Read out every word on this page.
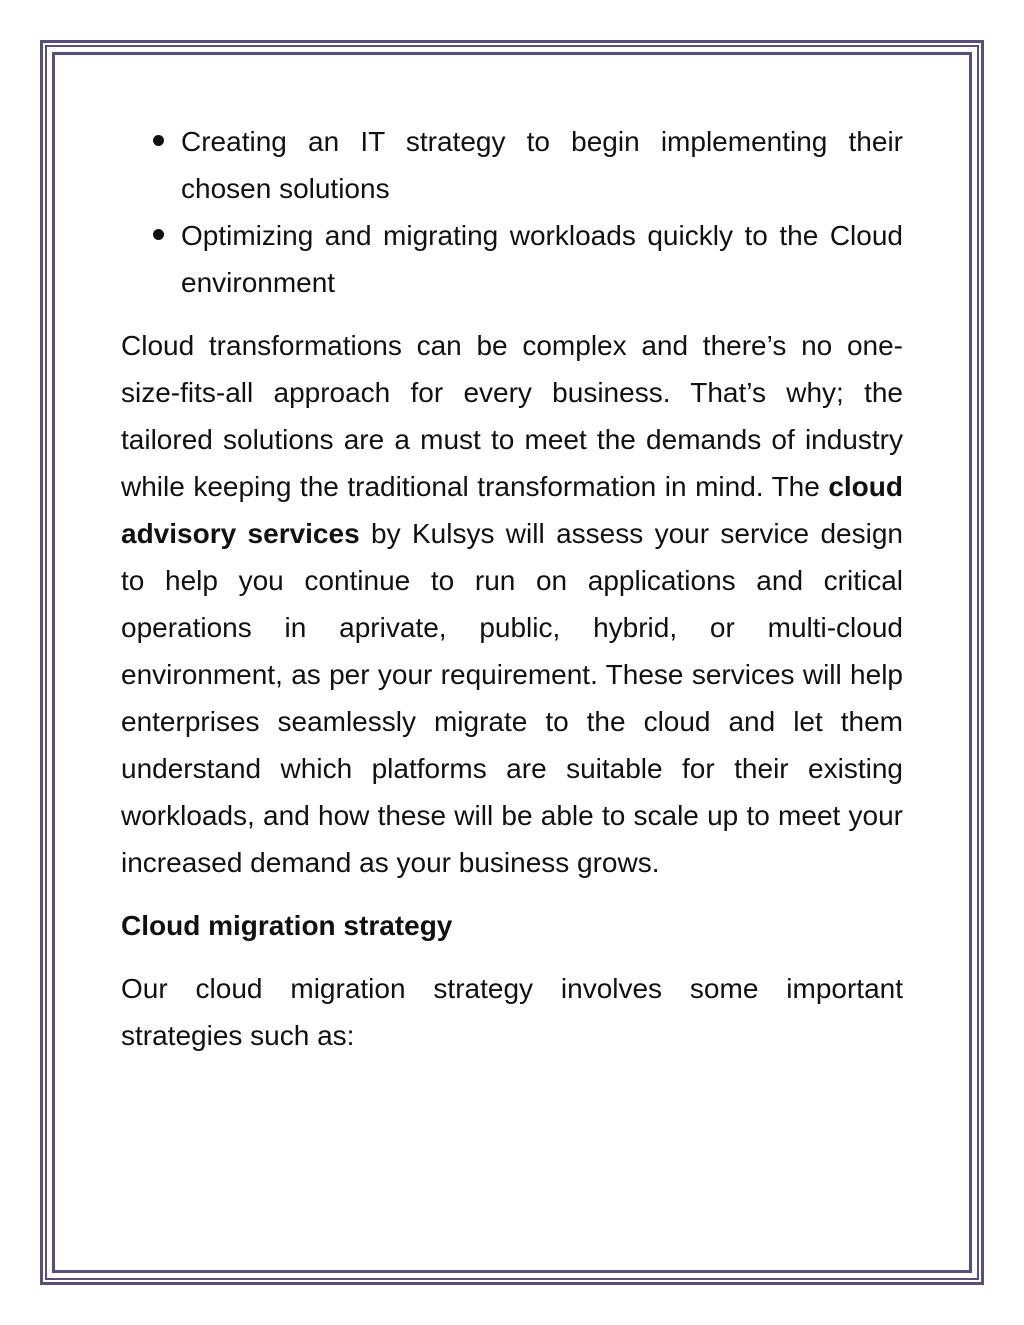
Creating an IT strategy to begin implementing their chosen solutions
Optimizing and migrating workloads quickly to the Cloud environment

Cloud transformations can be complex and there’s no one-size-fits-all approach for every business. That’s why; the tailored solutions are a must to meet the demands of industry while keeping the traditional transformation in mind. The cloud advisory services by Kulsys will assess your service design to help you continue to run on applications and critical operations in aprivate, public, hybrid, or multi-cloud environment, as per your requirement. These services will help enterprises seamlessly migrate to the cloud and let them understand which platforms are suitable for their existing workloads, and how these will be able to scale up to meet your increased demand as your business grows.

Cloud migration strategy

Our cloud migration strategy involves some important strategies such as:
